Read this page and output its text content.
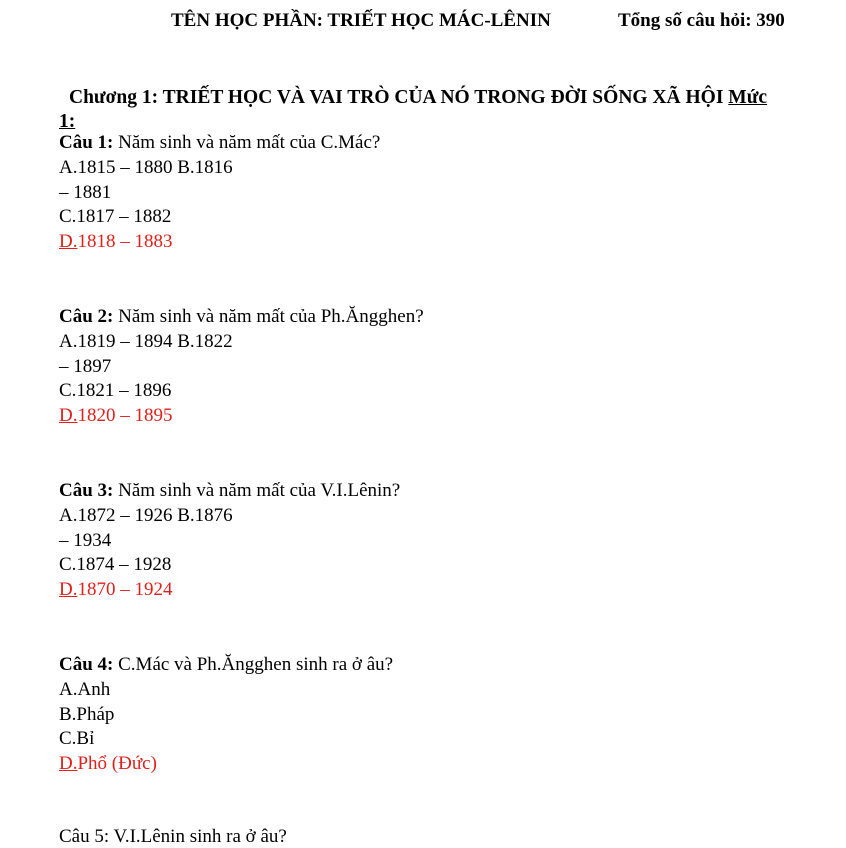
TÊN HỌC PHẦN: TRIẾT HỌC MÁC-LÊNIN	Tổng số câu hỏi: 390
Chương 1: TRIẾT HỌC VÀ VAI TRÒ CỦA NÓ TRONG ĐỜI SỐNG XÃ HỘI Mức
1:
Câu 1: Năm sinh và năm mất của C.Mác?
A.1815 – 1880 B.1816
– 1881
C.1817 – 1882
D.1818 – 1883
Câu 2: Năm sinh và năm mất của Ph.Ăngghen?
A.1819 – 1894 B.1822
– 1897
C.1821 – 1896
D.1820 – 1895
Câu 3: Năm sinh và năm mất của V.I.Lênin?
A.1872 – 1926 B.1876
– 1934
C.1874 – 1928
D.1870 – 1924
Câu 4: C.Mác và Ph.Ăngghen sinh ra ở âu?
A.Anh
B.Pháp
C.Bỉ
D.Phổ (Đức)
Câu 5: V.I.Lênin sinh ra ở âu?
